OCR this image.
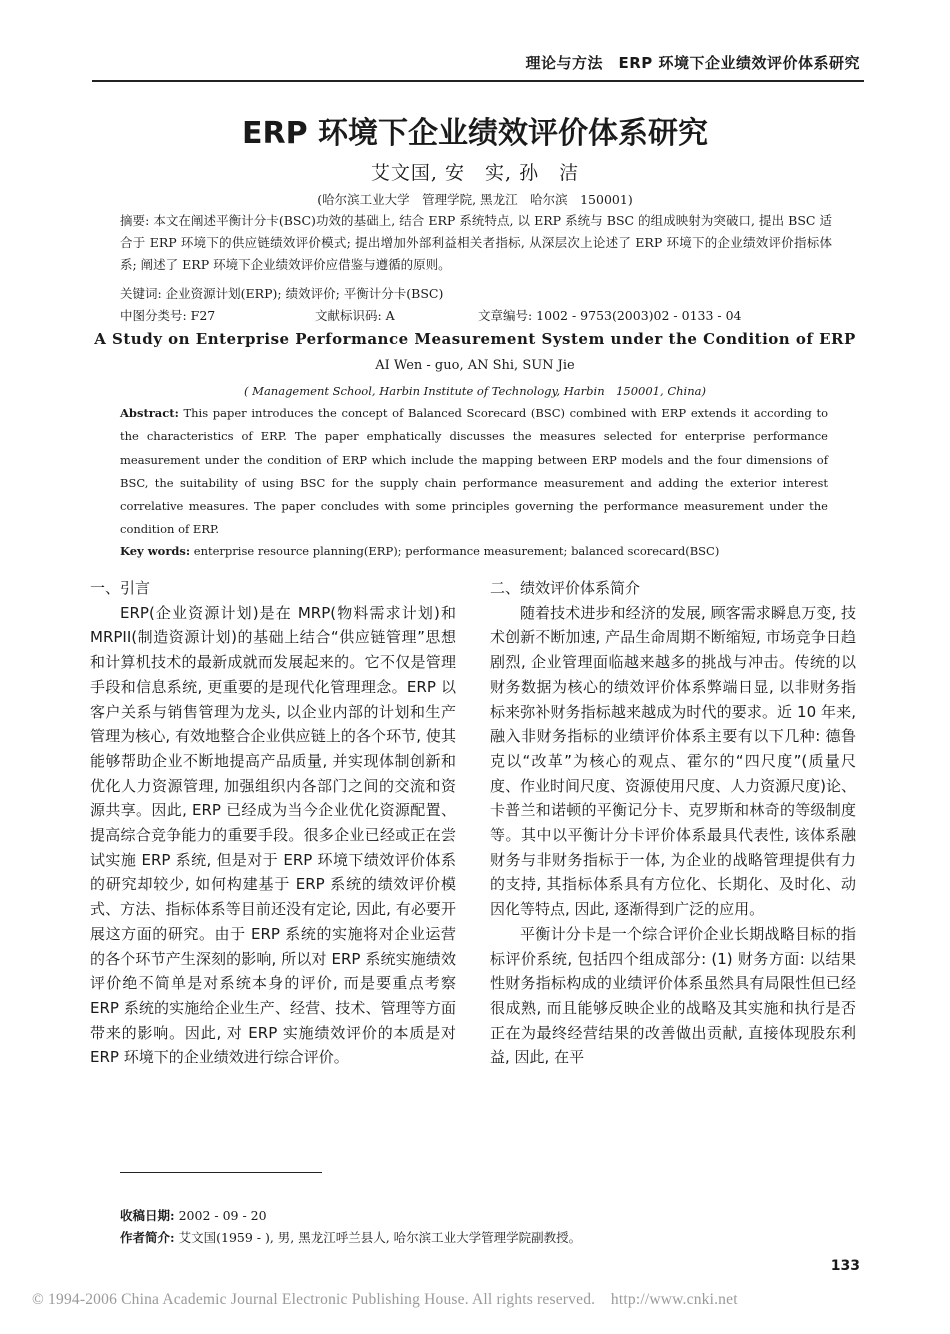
理论与方法　ERP 环境下企业绩效评价体系研究
ERP 环境下企业绩效评价体系研究
艾文国, 安　实, 孙　洁
(哈尔滨工业大学　管理学院, 黑龙江　哈尔滨　150001)
摘要: 本文在阐述平衡计分卡(BSC)功效的基础上, 结合 ERP 系统特点, 以 ERP 系统与 BSC 的组成映射为突破口, 提出 BSC 适合于 ERP 环境下的供应链绩效评价模式; 提出增加外部利益相关者指标, 从深层次上论述了 ERP 环境下的企业绩效评价指标体系; 阐述了 ERP 环境下企业绩效评价应借鉴与遵循的原则。
关键词: 企业资源计划(ERP); 绩效评价; 平衡计分卡(BSC)
中图分类号: F27	文献标识码: A	文章编号: 1002 - 9753(2003)02 - 0133 - 04
A Study on Enterprise Performance Measurement System under the Condition of ERP
AI Wen - guo, AN Shi, SUN Jie
( Management School, Harbin Institute of Technology, Harbin　150001, China)
Abstract: This paper introduces the concept of Balanced Scorecard (BSC) combined with ERP extends it according to the characteristics of ERP. The paper emphatically discusses the measures selected for enterprise performance measurement under the condition of ERP which include the mapping between ERP models and the four dimensions of BSC, the suitability of using BSC for the supply chain performance measurement and adding the exterior interest correlative measures. The paper concludes with some principles governing the performance measurement under the condition of ERP.
Key words: enterprise resource planning(ERP); performance measurement; balanced scorecard(BSC)

一、引言

ERP(企业资源计划)是在 MRP(物料需求计划)和 MRPII(制造资源计划)的基础上结合“供应链管理”思想和计算机技术的最新成就而发展起来的。它不仅是管理手段和信息系统, 更重要的是现代化管理理念。ERP 以客户关系与销售管理为龙头, 以企业内部的计划和生产管理为核心, 有效地整合企业供应链上的各个环节, 使其能够帮助企业不断地提高产品质量, 并实现体制创新和优化人力资源管理, 加强组织内各部门之间的交流和资源共享。因此, ERP 已经成为当今企业优化资源配置、提高综合竞争能力的重要手段。很多企业已经或正在尝试实施 ERP 系统, 但是对于 ERP 环境下绩效评价体系的研究却较少, 如何构建基于 ERP 系统的绩效评价模式、方法、指标体系等目前还没有定论, 因此, 有必要开展这方面的研究。由于 ERP 系统的实施将对企业运营的各个环节产生深刻的影响, 所以对 ERP 系统实施绩效评价绝不简单是对系统本身的评价, 而是要重点考察 ERP 系统的实施给企业生产、经营、技术、管理等方面带来的影响。因此, 对 ERP 实施绩效评价的本质是对 ERP 环境下的企业绩效进行综合评价。

二、绩效评价体系简介

随着技术进步和经济的发展, 顾客需求瞬息万变, 技术创新不断加速, 产品生命周期不断缩短, 市场竞争日趋剧烈, 企业管理面临越来越多的挑战与冲击。传统的以财务数据为核心的绩效评价体系弊端日显, 以非财务指标来弥补财务指标越来越成为时代的要求。近 10 年来, 融入非财务指标的业绩评价体系主要有以下几种: 德鲁克以“改革”为核心的观点、霍尔的“四尺度”(质量尺度、作业时间尺度、资源使用尺度、人力资源尺度)论、卡普兰和诺顿的平衡记分卡、克罗斯和林奇的等级制度等。其中以平衡计分卡评价体系最具代表性, 该体系融财务与非财务指标于一体, 为企业的战略管理提供有力的支持, 其指标体系具有方位化、长期化、及时化、动因化等特点, 因此, 逐渐得到广泛的应用。

平衡计分卡是一个综合评价企业长期战略目标的指标评价系统, 包括四个组成部分: (1) 财务方面: 以结果性财务指标构成的业绩评价体系虽然具有局限性但已经很成熟, 而且能够反映企业的战略及其实施和执行是否正在为最终经营结果的改善做出贡献, 直接体现股东利益, 因此, 在平

收稿日期: 2002 - 09 - 20
作者简介: 艾文国(1959 - ), 男, 黑龙江呼兰县人, 哈尔滨工业大学管理学院副教授。
133
© 1994-2006 China Academic Journal Electronic Publishing House. All rights reserved.　http://www.cnki.net
